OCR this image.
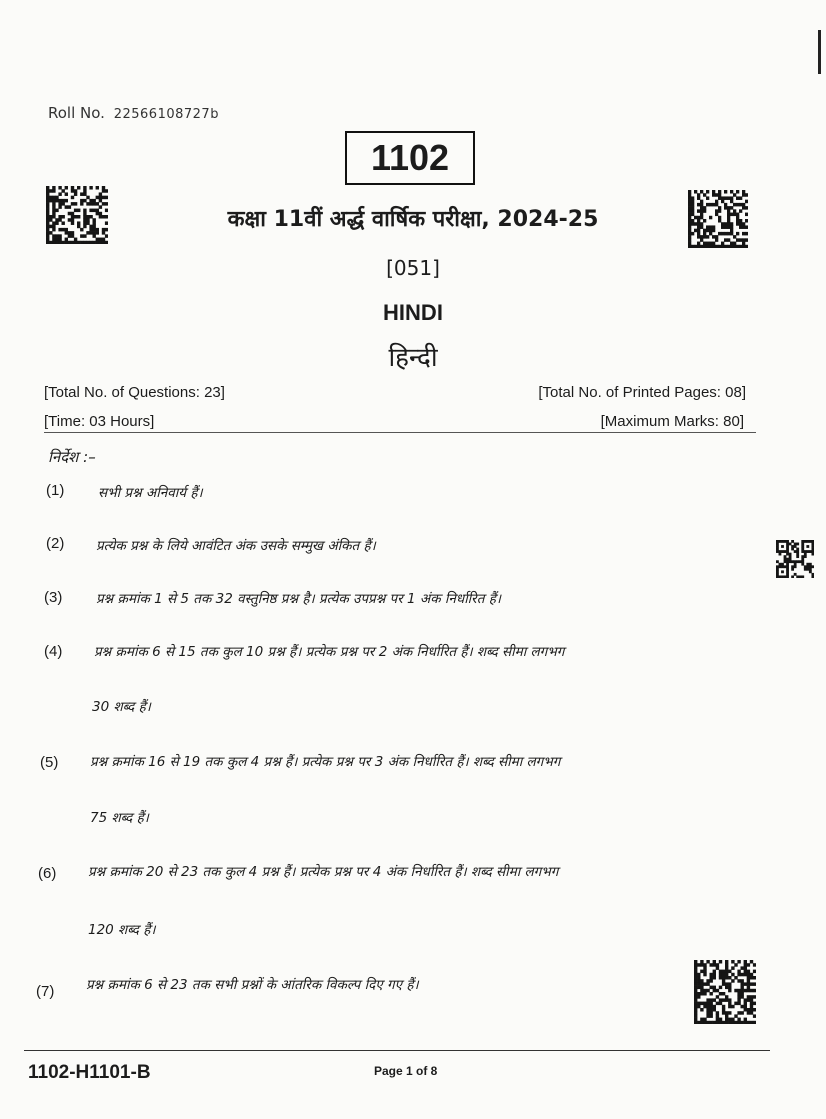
Roll No. 22566108727b
1102
कक्षा 11वीं अर्द्ध वार्षिक परीक्षा, 2024-25
[051]
HINDI
हिन्दी
[Total No. of Questions: 23]	[Total No. of Printed Pages: 08]
[Time: 03 Hours]	[Maximum Marks: 80]
निर्देश :–
(1) सभी प्रश्न अनिवार्य हैं।
(2) प्रत्येक प्रश्न के लिये आवंटित अंक उसके सम्मुख अंकित हैं।
(3) प्रश्न क्रमांक 1 से 5 तक 32 वस्तुनिष्ठ प्रश्न है। प्रत्येक उपप्रश्न पर 1 अंक निर्धारित हैं।
(4) प्रश्न क्रमांक 6 से 15 तक कुल 10 प्रश्न हैं। प्रत्येक प्रश्न पर 2 अंक निर्धारित हैं। शब्द सीमा लगभग
30 शब्द हैं।
(5) प्रश्न क्रमांक 16 से 19 तक कुल 4 प्रश्न हैं। प्रत्येक प्रश्न पर 3 अंक निर्धारित हैं। शब्द सीमा लगभग
75 शब्द हैं।
(6) प्रश्न क्रमांक 20 से 23 तक कुल 4 प्रश्न हैं। प्रत्येक प्रश्न पर 4 अंक निर्धारित हैं। शब्द सीमा लगभग
120 शब्द हैं।
(7) प्रश्न क्रमांक 6 से 23 तक सभी प्रश्नों के आंतरिक विकल्प दिए गए हैं।
1102-H1101-B	Page 1 of 8
